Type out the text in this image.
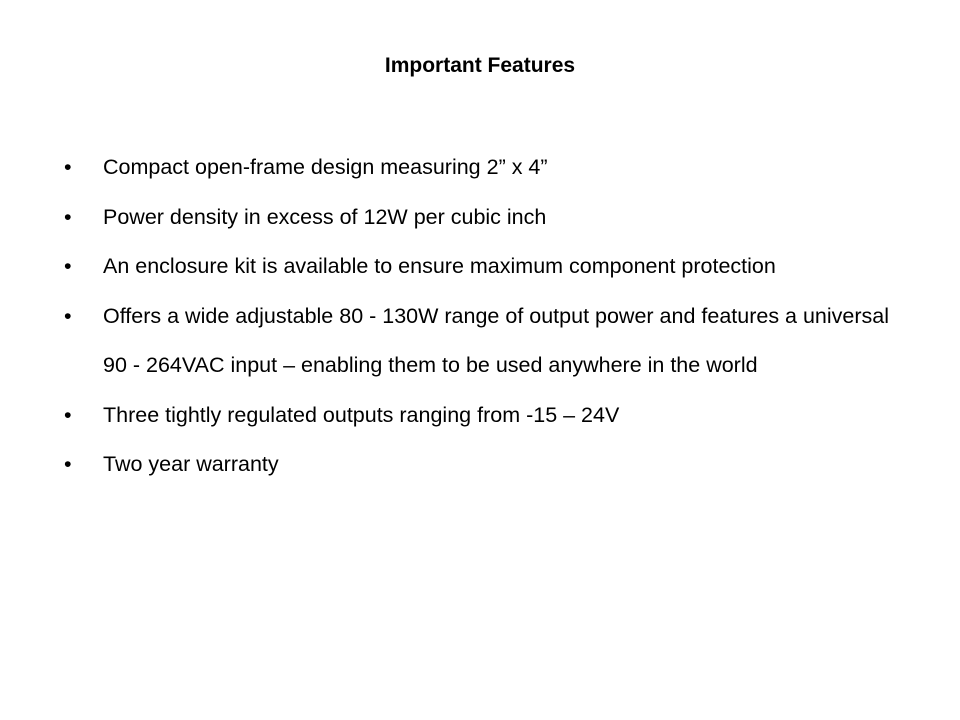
Important Features
•	Compact open-frame design measuring 2” x 4”
•	Power density in excess of 12W per cubic inch
•	An enclosure kit is available to ensure maximum component protection
•	Offers a wide adjustable 80 - 130W range of output power and features a universal 90 - 264VAC input – enabling them to be used anywhere in the world
•	Three tightly regulated outputs ranging from -15 – 24V
•	Two year warranty
